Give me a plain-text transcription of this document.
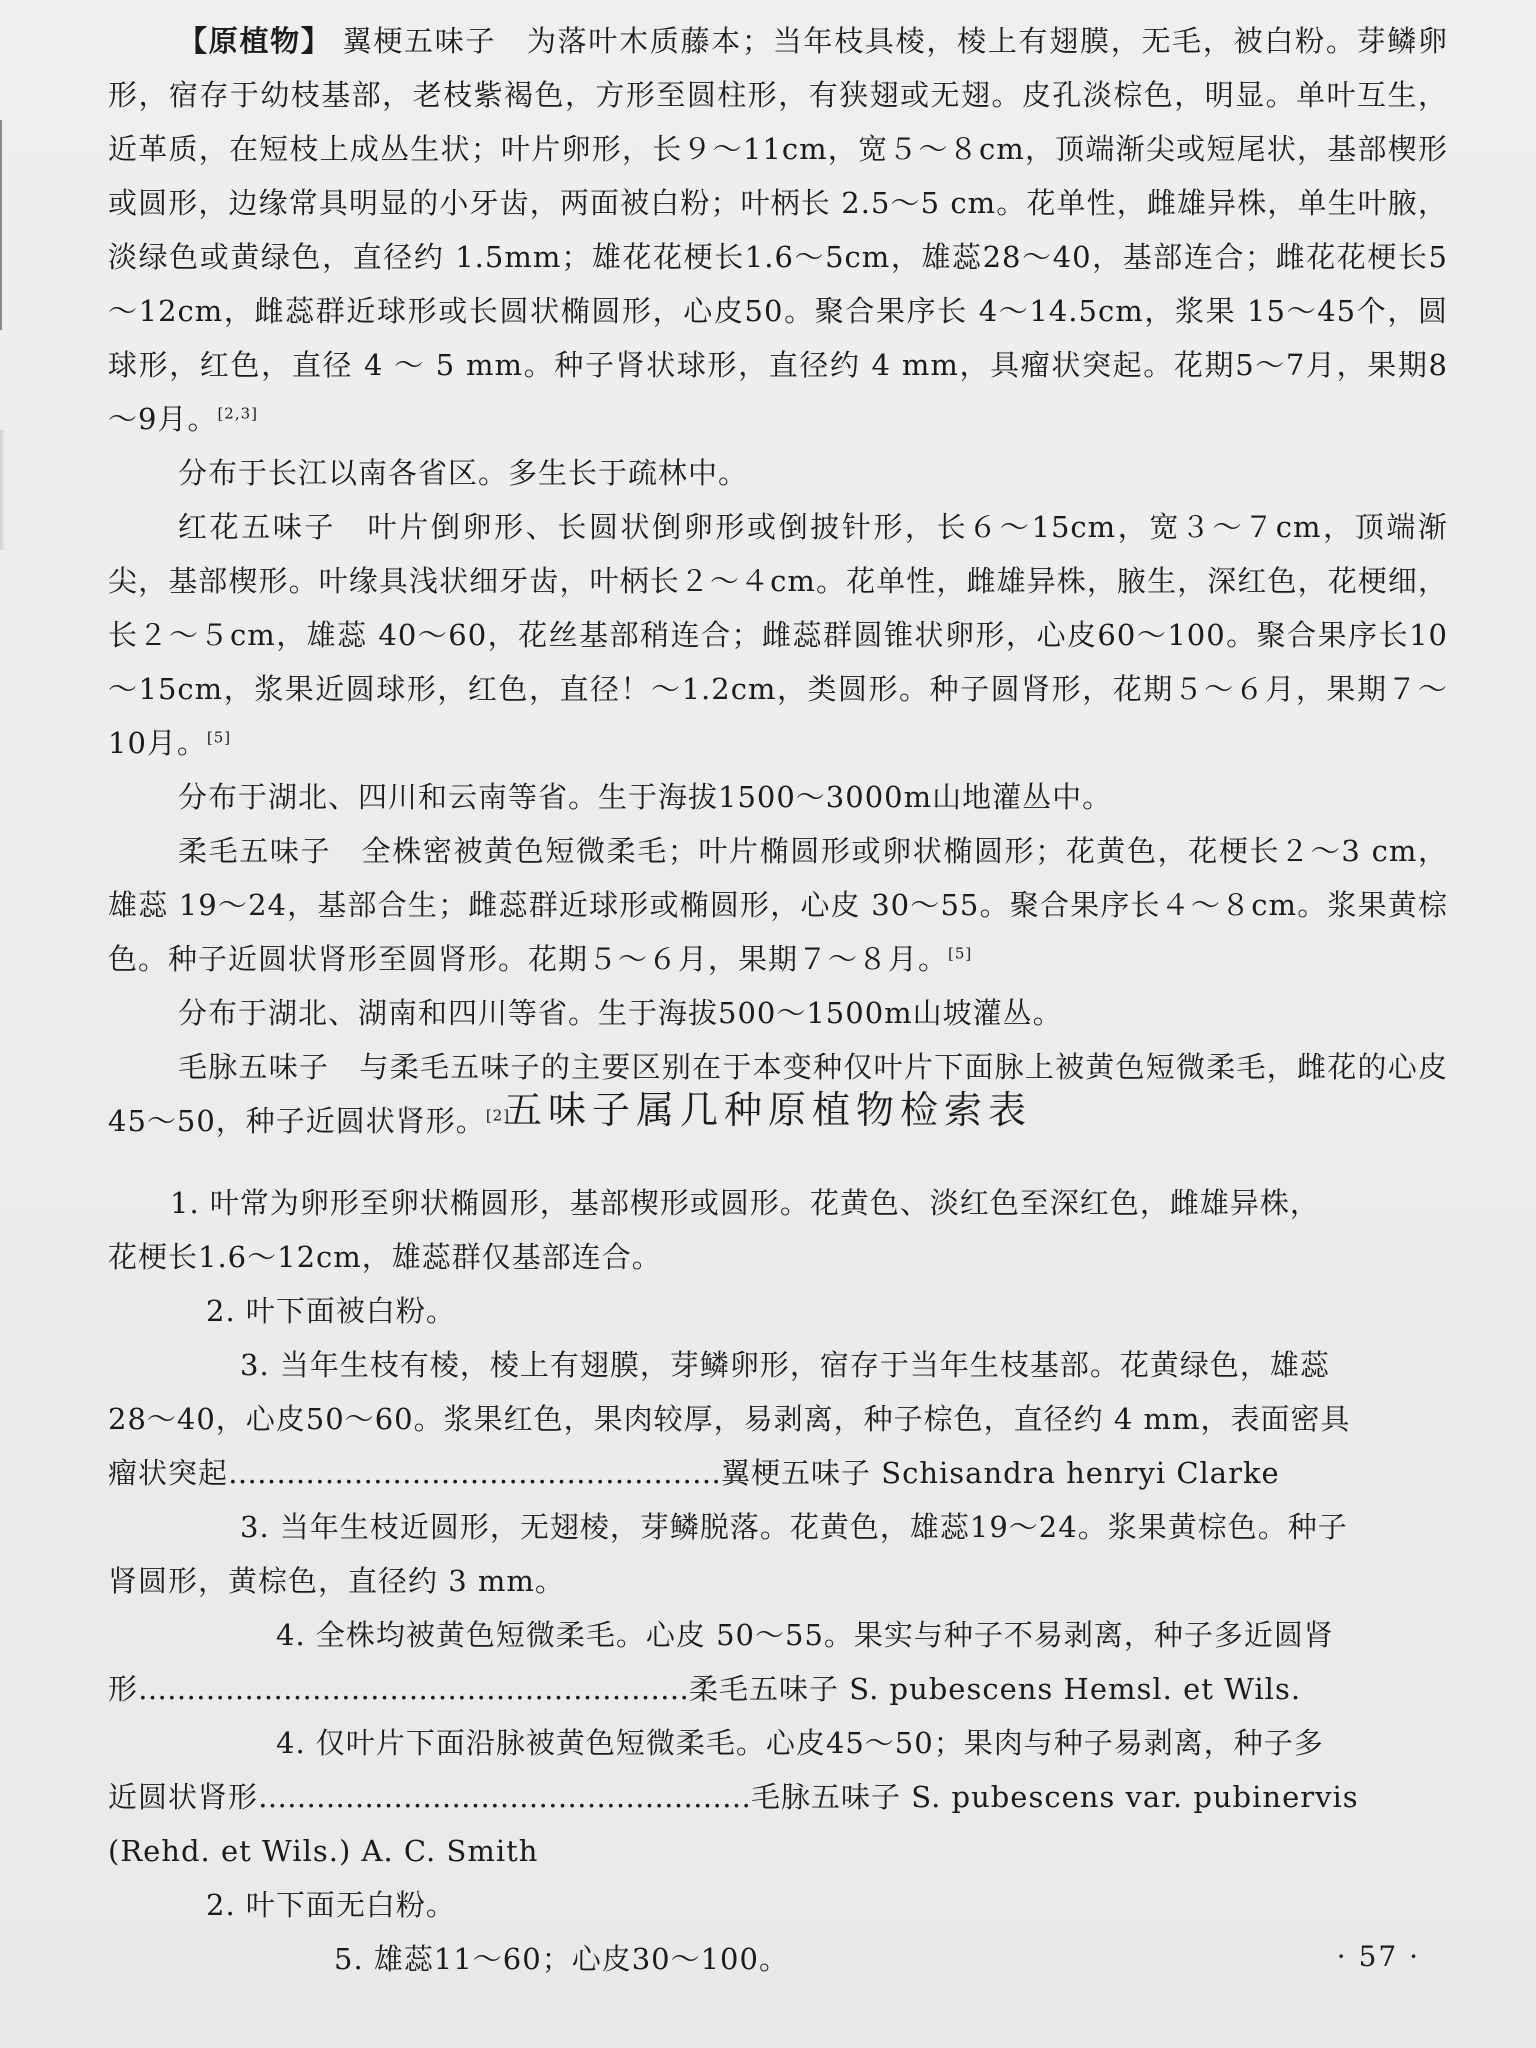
【原植物】 翼梗五味子　为落叶木质藤本；当年枝具棱，棱上有翅膜，无毛，被白粉。芽鳞卵形，宿存于幼枝基部，老枝紫褐色，方形至圆柱形，有狭翅或无翅。皮孔淡棕色，明显。单叶互生，近革质，在短枝上成丛生状；叶片卵形，长９～11cm，宽５～８cm，顶端渐尖或短尾状，基部楔形或圆形，边缘常具明显的小牙齿，两面被白粉；叶柄长 2.5～5 cm。花单性，雌雄异株，单生叶腋，淡绿色或黄绿色，直径约 1.5mm；雄花花梗长1.6～5cm，雄蕊28～40，基部连合；雌花花梗长5～12cm，雌蕊群近球形或长圆状椭圆形，心皮50。聚合果序长 4～14.5cm，浆果 15～45个，圆球形，红色，直径 4 ～ 5 mm。种子肾状球形，直径约 4 mm，具瘤状突起。花期5～7月，果期8～9月。[2,3]

分布于长江以南各省区。多生长于疏林中。

红花五味子　叶片倒卵形、长圆状倒卵形或倒披针形，长６～15cm，宽３～７cm，顶端渐尖，基部楔形。叶缘具浅状细牙齿，叶柄长２～４cm。花单性，雌雄异株，腋生，深红色，花梗细，长２～５cm，雄蕊 40～60，花丝基部稍连合；雌蕊群圆锥状卵形，心皮60～100。聚合果序长10～15cm，浆果近圆球形，红色，直径！～1.2cm，类圆形。种子圆肾形，花期５～６月，果期７～10月。[5]

分布于湖北、四川和云南等省。生于海拔1500～3000m山地灌丛中。

柔毛五味子　全株密被黄色短微柔毛；叶片椭圆形或卵状椭圆形；花黄色，花梗长２～3 cm，雄蕊 19～24，基部合生；雌蕊群近球形或椭圆形，心皮 30～55。聚合果序长４～８cm。浆果黄棕色。种子近圆状肾形至圆肾形。花期５～６月，果期７～８月。[5]

分布于湖北、湖南和四川等省。生于海拔500～1500m山坡灌丛。

毛脉五味子　与柔毛五味子的主要区别在于本变种仅叶片下面脉上被黄色短微柔毛，雌花的心皮45～50，种子近圆状肾形。[2]

五味子属几种原植物检索表

1. 叶常为卵形至卵状椭圆形，基部楔形或圆形。花黄色、淡红色至深红色，雌雄异株，

花梗长1.6～12cm，雄蕊群仅基部连合。

2. 叶下面被白粉。

3. 当年生枝有棱，棱上有翅膜，芽鳞卵形，宿存于当年生枝基部。花黄绿色，雄蕊

28～40，心皮50～60。浆果红色，果肉较厚，易剥离，种子棕色，直径约 4 mm，表面密具

瘤状突起……………………………………………翼梗五味子 Schisandra henryi Clarke

3. 当年生枝近圆形，无翅棱，芽鳞脱落。花黄色，雄蕊19～24。浆果黄棕色。种子

肾圆形，黄棕色，直径约 3 mm。

4. 全株均被黄色短微柔毛。心皮 50～55。果实与种子不易剥离，种子多近圆肾

形…………………………………………………柔毛五味子 S. pubescens Hemsl. et Wils.

4. 仅叶片下面沿脉被黄色短微柔毛。心皮45～50；果肉与种子易剥离，种子多

近圆状肾形……………………………………………毛脉五味子 S. pubescens var. pubinervis

(Rehd. et Wils.) A. C. Smith

2. 叶下面无白粉。

5. 雄蕊11～60；心皮30～100。	· 57 ·
